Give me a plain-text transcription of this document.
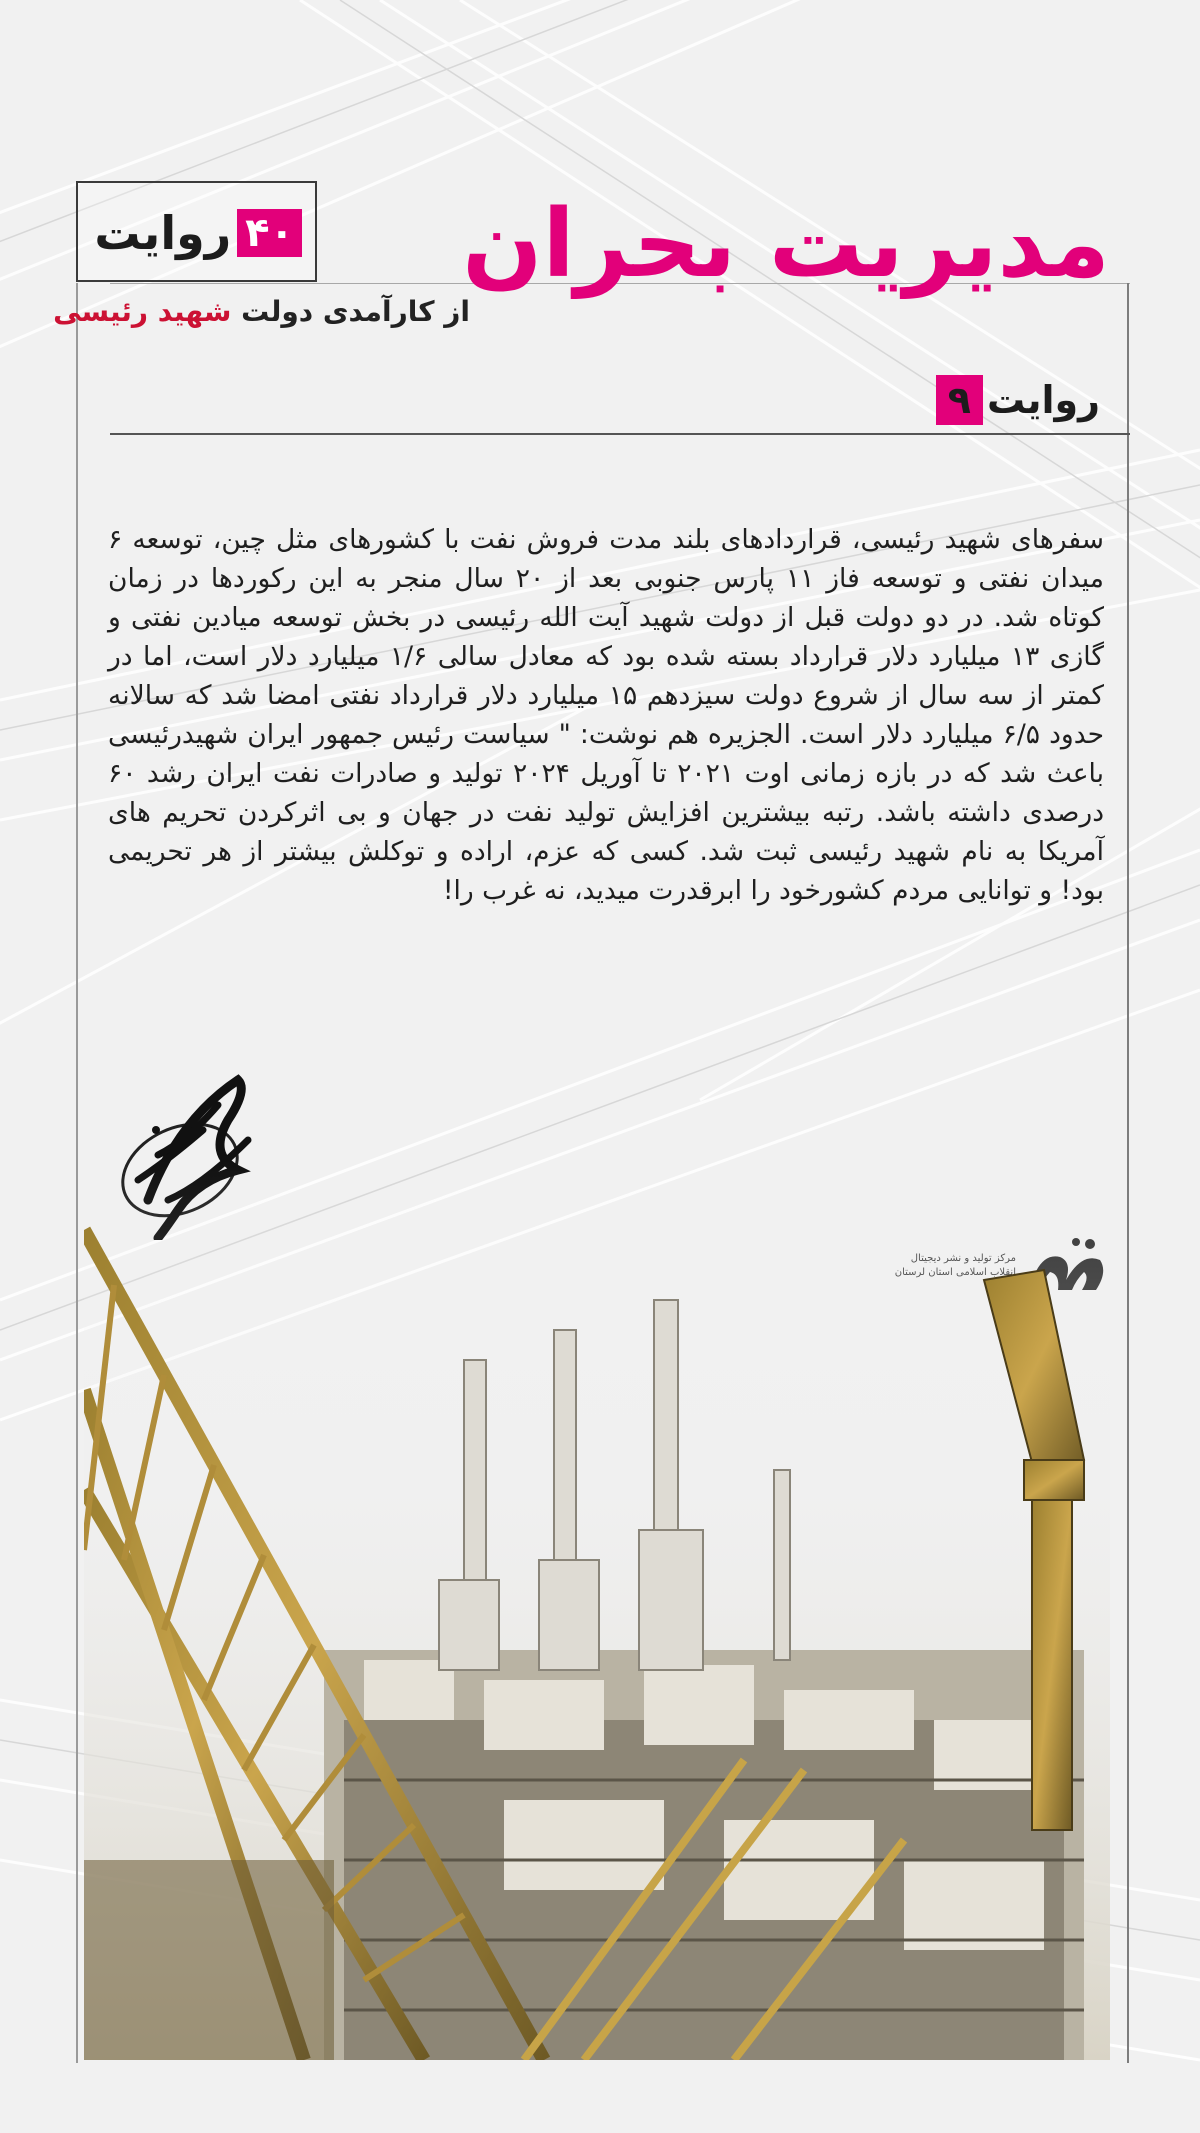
۴۰
روایت
از کارآمدی دولت شهید رئیسی
مدیریت بحران
روایت
۹
سفرهای شهید رئیسی، قراردادهای بلند مدت فروش نفت با کشورهای مثل چین، توسعه ۶ میدان نفتی و توسعه فاز ۱۱ پارس جنوبی بعد از ۲۰ سال منجر به این رکوردها در زمان کوتاه شد. در دو دولت قبل از دولت شهید آیت الله رئیسی در بخش توسعه میادین نفتی و گازی ۱۳ میلیارد دلار قرارداد بسته شده بود که معادل سالی ۱/۶ میلیارد دلار است، اما در کمتر از سه سال از شروع دولت سیزدهم ۱۵ میلیارد دلار قرارداد نفتی امضا شد که سالانه حدود ۶/۵ میلیارد دلار است. الجزیره هم نوشت: " سیاست رئیس جمهور ایران شهیدرئیسی باعث شد که در بازه زمانی اوت ۲۰۲۱ تا آوریل ۲۰۲۴ تولید و صادرات نفت ایران رشد ۶۰ درصدی داشته باشد. رتبه بیشترین افزایش تولید نفت در جهان و بی اثرکردن تحریم های آمریکا به نام شهید رئیسی ثبت شد. کسی که عزم، اراده و توکلش بیشتر از هر تحریمی بود! و توانایی مردم کشورخود را ابرقدرت میدید، نه غرب را!
